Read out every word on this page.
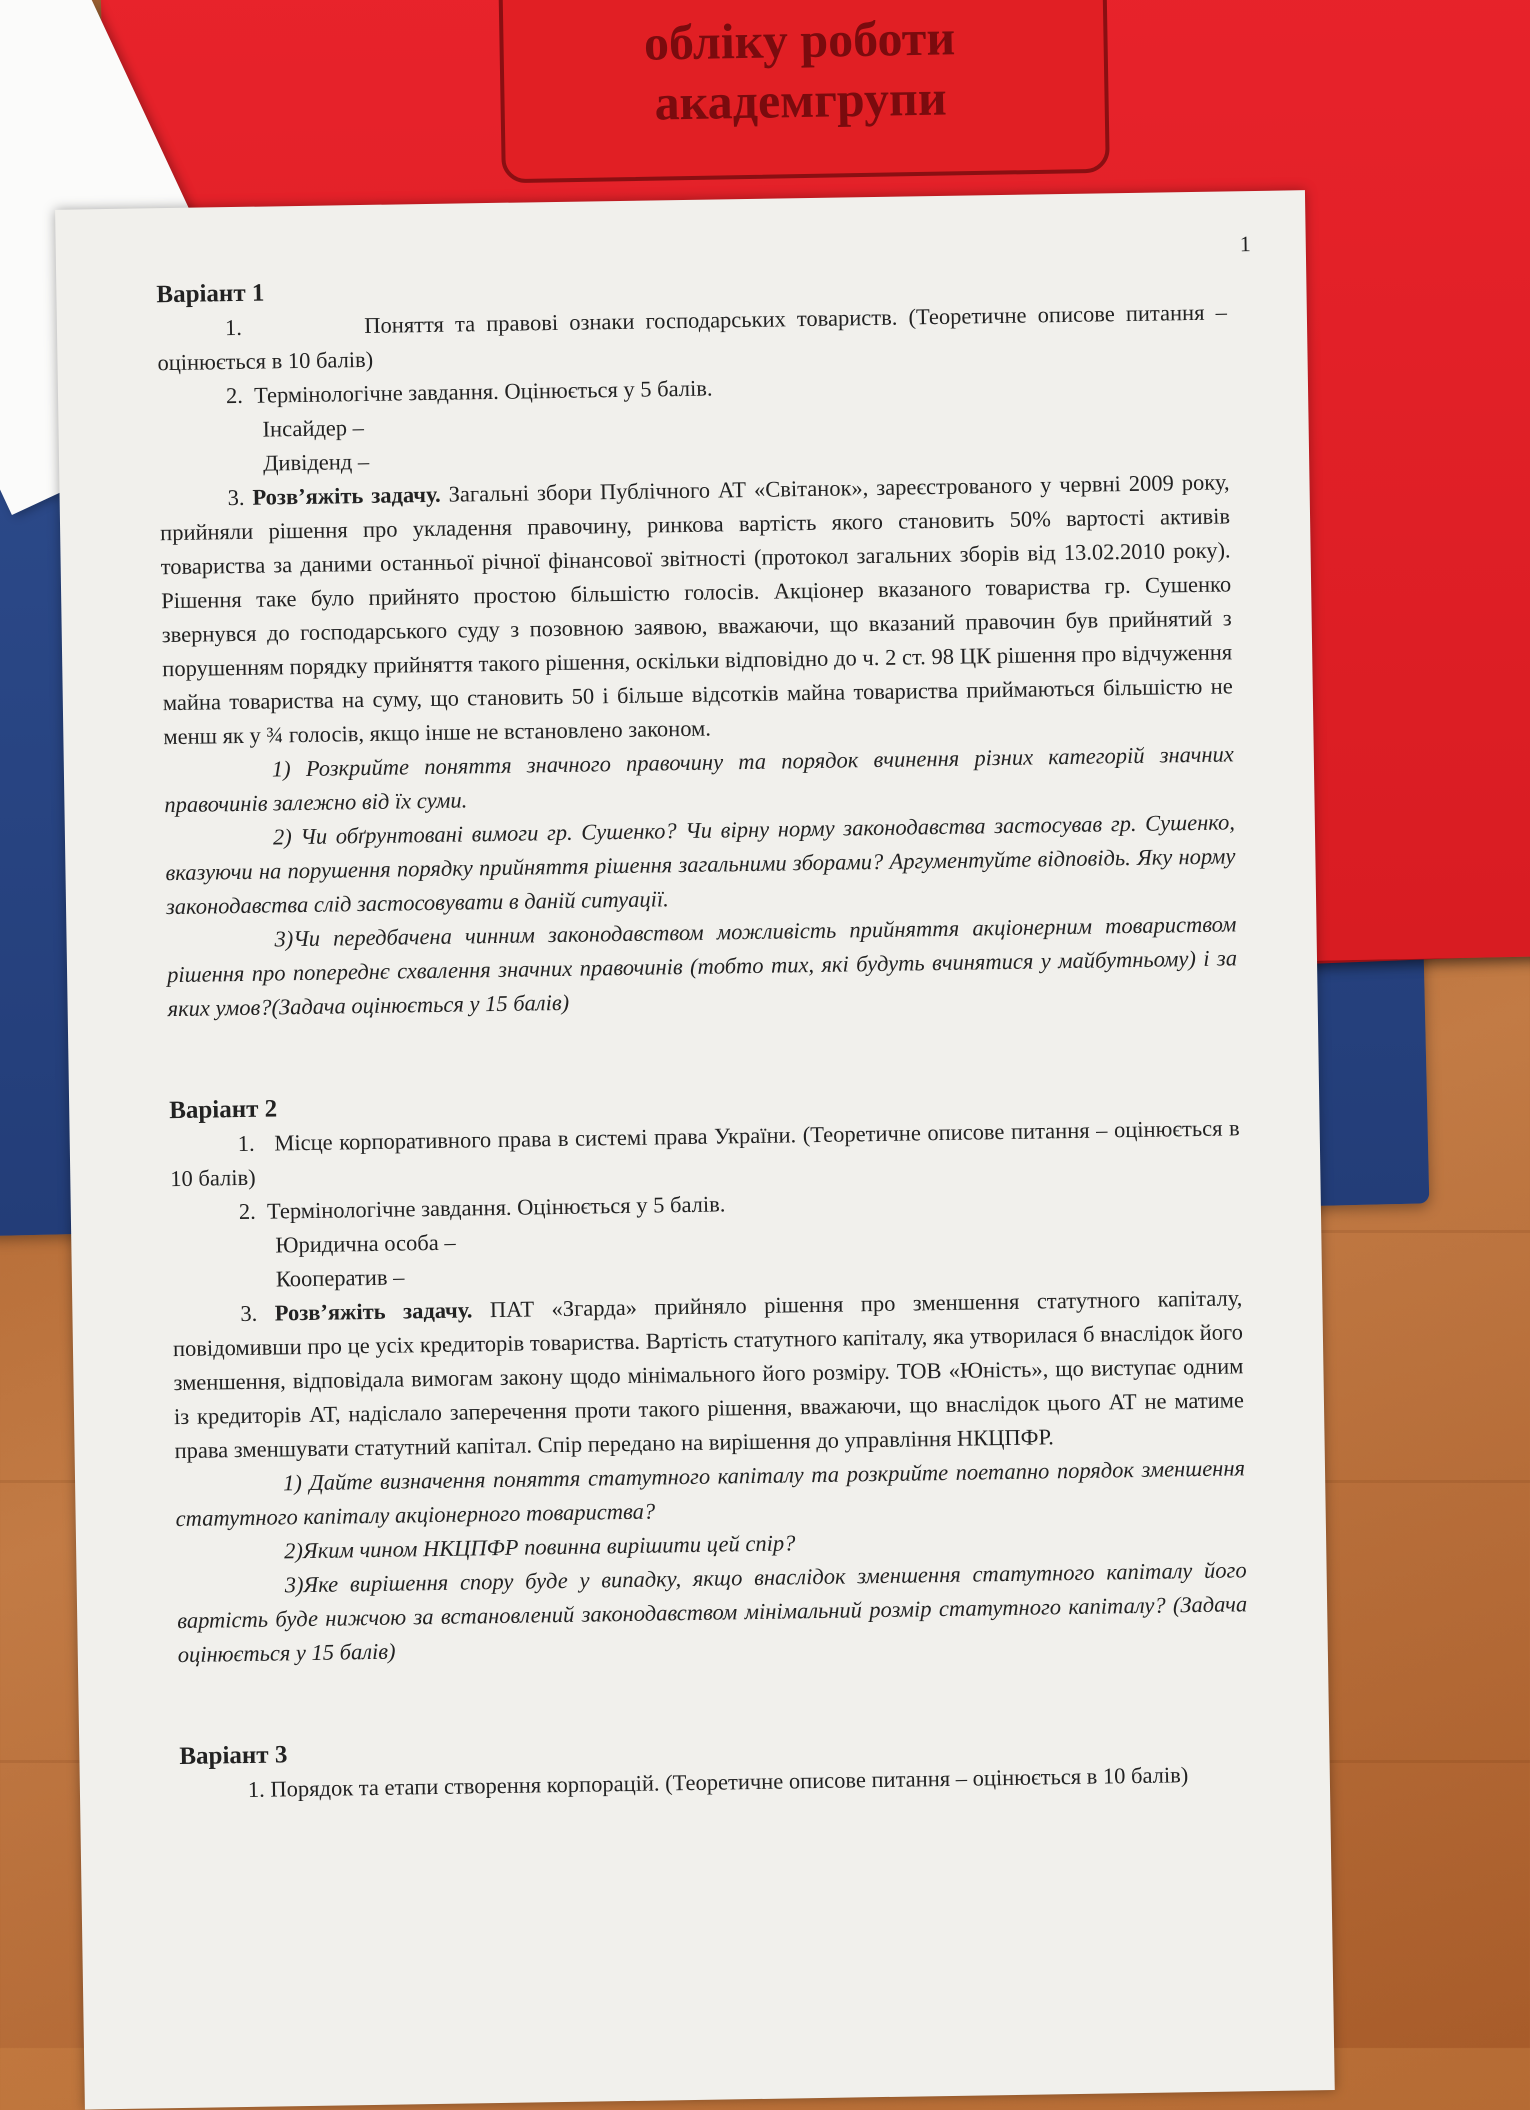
обліку роботи
академгрупи
1
Варіант 1

1.	Поняття та правові ознаки господарських товариств. (Теоретичне описове питання – оцінюється в 10 балів)

2. Термінологічне завдання. Оцінюється у 5 балів.

Інсайдер –

Дивіденд –

3. Розв’яжіть задачу. Загальні збори Публічного АТ «Світанок», зареєстрованого у червні 2009 року, прийняли рішення про укладення правочину, ринкова вартість якого становить 50% вартості активів товариства за даними останньої річної фінансової звітності (протокол загальних зборів від 13.02.2010 року). Рішення таке було прийнято простою більшістю голосів. Акціонер вказаного товариства гр. Сушенко звернувся до господарського суду з позовною заявою, вважаючи, що вказаний правочин був прийнятий з порушенням порядку прийняття такого рішення, оскільки відповідно до ч. 2 ст. 98 ЦК рішення про відчуження майна товариства на суму, що становить 50 і більше відсотків майна товариства приймаються більшістю не менш як у ¾ голосів, якщо інше не встановлено законом.

1) Розкрийте поняття значного правочину та порядок вчинення різних категорій значних правочинів залежно від їх суми.

2) Чи обґрунтовані вимоги гр. Сушенко? Чи вірну норму законодавства застосував гр. Сушенко, вказуючи на порушення порядку прийняття рішення загальними зборами? Аргументуйте відповідь. Яку норму законодавства слід застосовувати в даній ситуації.

3)Чи передбачена чинним законодавством можливість прийняття акціонерним товариством рішення про попереднє схвалення значних правочинів (тобто тих, які будуть вчинятися у майбутньому) і за яких умов?(Задача оцінюється у 15 балів)

Варіант 2

1. Місце корпоративного права в системі права України. (Теоретичне описове питання – оцінюється в 10 балів)

2. Термінологічне завдання. Оцінюється у 5 балів.

Юридична особа –

Кооператив –

3. Розв’яжіть задачу. ПАТ «Згарда» прийняло рішення про зменшення статутного капіталу, повідомивши про це усіх кредиторів товариства. Вартість статутного капіталу, яка утворилася б внаслідок його зменшення, відповідала вимогам закону щодо мінімального його розміру. ТОВ «Юність», що виступає одним із кредиторів АТ, надіслало заперечення проти такого рішення, вважаючи, що внаслідок цього АТ не матиме права зменшувати статутний капітал. Спір передано на вирішення до управління НКЦПФР.

1) Дайте визначення поняття статутного капіталу та розкрийте поетапно порядок зменшення статутного капіталу акціонерного товариства?

2)Яким чином НКЦПФР повинна вирішити цей спір?

3)Яке вирішення спору буде у випадку, якщо внаслідок зменшення статутного капіталу його вартість буде нижчою за встановлений законодавством мінімальний розмір статутного капіталу? (Задача оцінюється у 15 балів)

Варіант 3

1. Порядок та етапи створення корпорацій. (Теоретичне описове питання – оцінюється в 10 балів)
